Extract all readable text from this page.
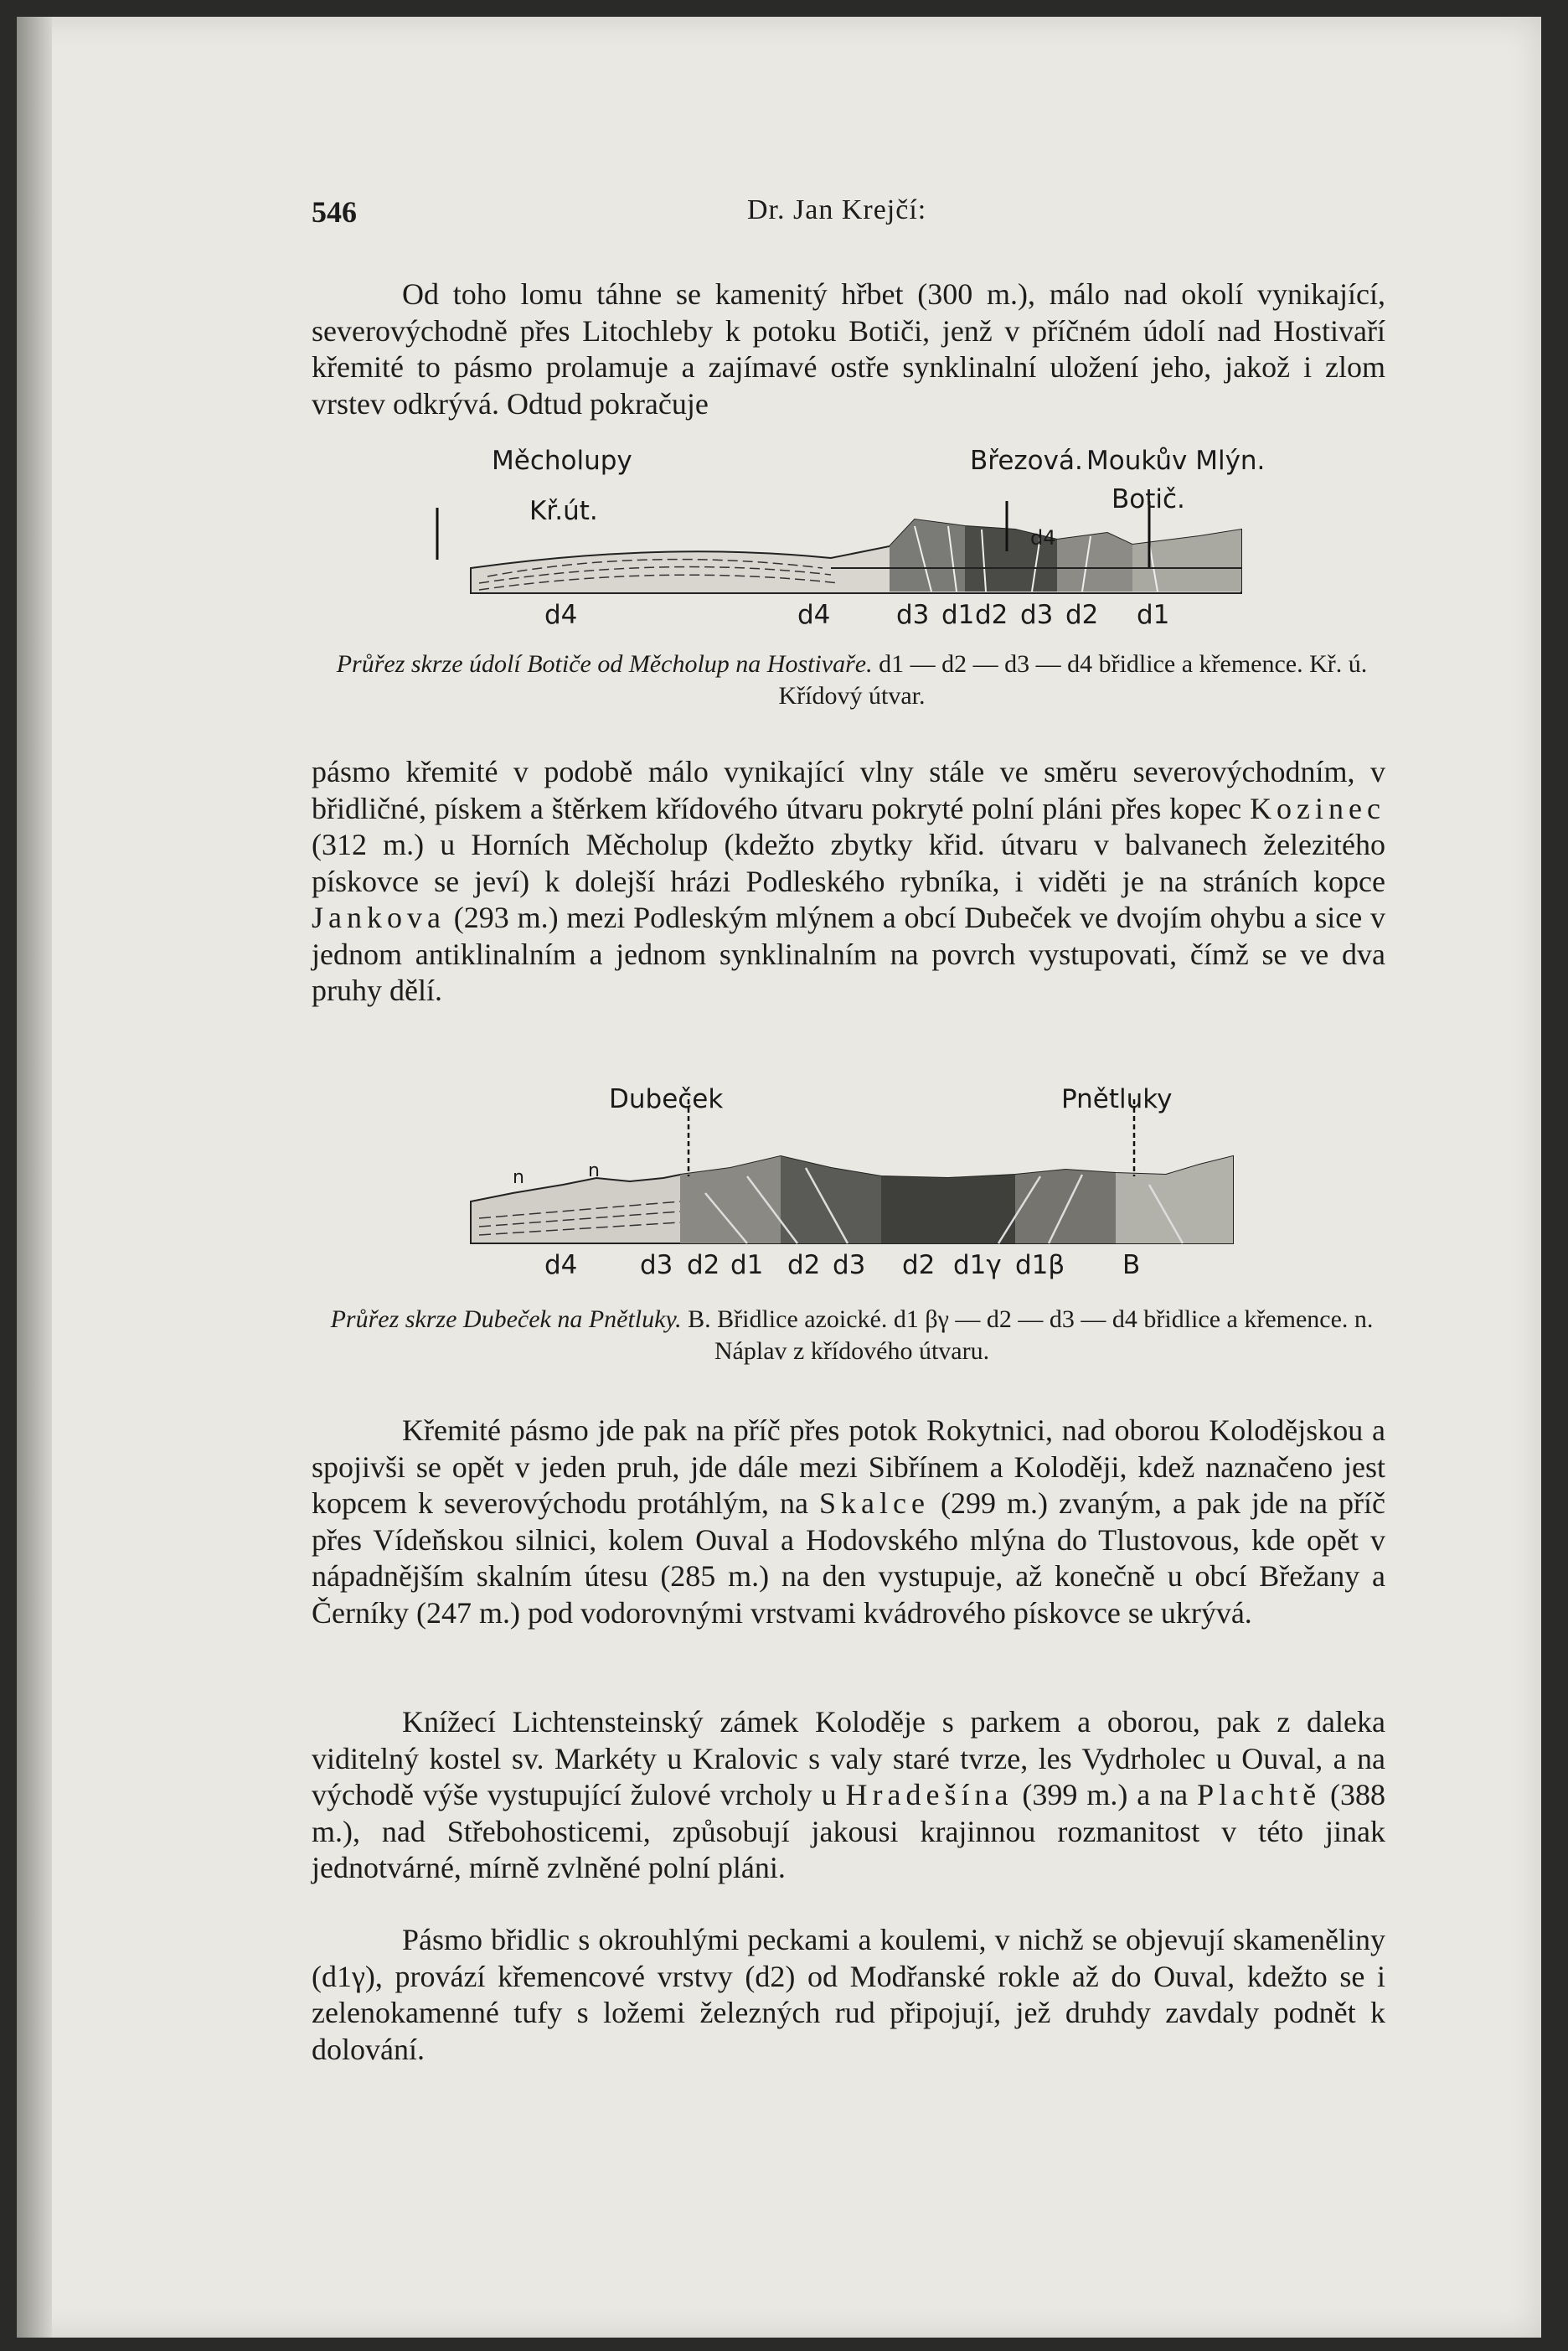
546	Dr. Jan Krejčí:

Od toho lomu táhne se kamenitý hřbet (300 m.), málo nad okolí vynikající, severovýchodně přes Litochleby k potoku Botiči, jenž v příčném údolí nad Hostivaří křemité to pásmo prolamuje a zajímavé ostře synklinalní uložení jeho, jakož i zlom vrstev odkrývá. Odtud pokračuje

Měcholupy
Kř.út.
Březová. Moukův Mlýn.
Botič.
d4
d4	d4	d3 d1 d2 d3 d2 d1
Průřez skrze údolí Botiče od Měcholup na Hostivaře. d1 — d2 — d3 — d4 břidlice a křemence. Kř. ú. Křídový útvar.

pásmo křemité v podobě málo vynikající vlny stále ve směru severovýchodním, v břidličné, pískem a štěrkem křídového útvaru pokryté polní pláni přes kopec Kozinec (312 m.) u Horních Měcholup (kdežto zbytky křid. útvaru v balvanech železitého pískovce se jeví) k dolejší hrázi Podleského rybníka, i viděti je na stráních kopce Jankova (293 m.) mezi Podleským mlýnem a obcí Dubeček ve dvojím ohybu a sice v jednom antiklinalním a jednom synklinalním na povrch vystupovati, čímž se ve dva pruhy dělí.

Dubeček	Pnětluky
n	n
d4 d3 d2 d1 d2 d3 d2 d1γ d1β B
Průřez skrze Dubeček na Pnětluky. B. Břidlice azoické. d1 βγ — d2 — d3 — d4 břidlice a křemence. n. Náplav z křídového útvaru.

Křemité pásmo jde pak na příč přes potok Rokytnici, nad oborou Kolodějskou a spojivši se opět v jeden pruh, jde dále mezi Sibřínem a Koloději, kdež naznačeno jest kopcem k severovýchodu protáhlým, na Skalce (299 m.) zvaným, a pak jde na příč přes Vídeňskou silnici, kolem Ouval a Hodovského mlýna do Tlustovous, kde opět v nápadnějším skalním útesu (285 m.) na den vystupuje, až konečně u obcí Břežany a Černíky (247 m.) pod vodorovnými vrstvami kvádrového pískovce se ukrývá.

Knížecí Lichtensteinský zámek Koloděje s parkem a oborou, pak z daleka viditelný kostel sv. Markéty u Kralovic s valy staré tvrze, les Vydrholec u Ouval, a na východě výše vystupující žulové vrcholy u Hradešína (399 m.) a na Plachtě (388 m.), nad Střebohosticemi, způsobují jakousi krajinnou rozmanitost v této jinak jednotvárné, mírně zvlněné polní pláni.

Pásmo břidlic s okrouhlými peckami a koulemi, v nichž se objevují skameněliny (d1γ), provází křemencové vrstvy (d2) od Modřanské rokle až do Ouval, kdežto se i zelenokamenné tufy s ložemi železných rud připojují, jež druhdy zavdaly podnět k dolování.
